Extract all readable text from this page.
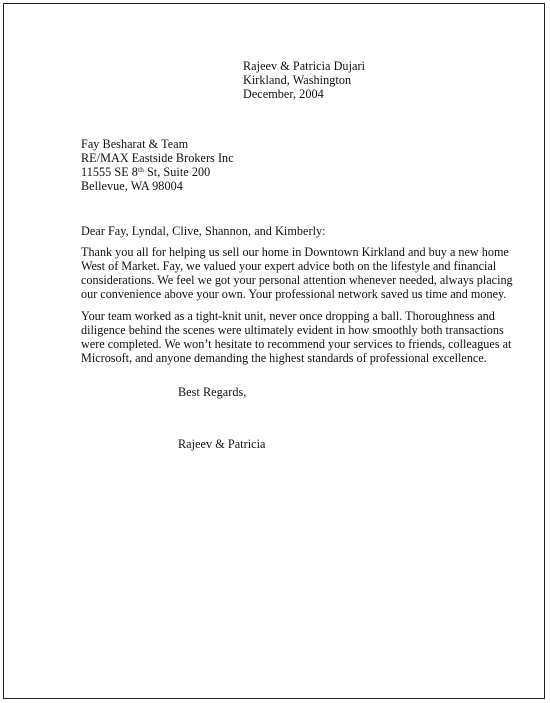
Rajeev & Patricia Dujari
Kirkland, Washington
December, 2004
Fay Besharat & Team
RE/MAX Eastside Brokers Inc
11555 SE 8th St, Suite 200
Bellevue, WA 98004
Dear Fay, Lyndal, Clive, Shannon, and Kimberly:
Thank you all for helping us sell our home in Downtown Kirkland and buy a new home
West of Market. Fay, we valued your expert advice both on the lifestyle and financial
considerations. We feel we got your personal attention whenever needed, always placing
our convenience above your own. Your professional network saved us time and money.
Your team worked as a tight-knit unit, never once dropping a ball. Thoroughness and
diligence behind the scenes were ultimately evident in how smoothly both transactions
were completed. We won’t hesitate to recommend your services to friends, colleagues at
Microsoft, and anyone demanding the highest standards of professional excellence.
Best Regards,
Rajeev & Patricia
